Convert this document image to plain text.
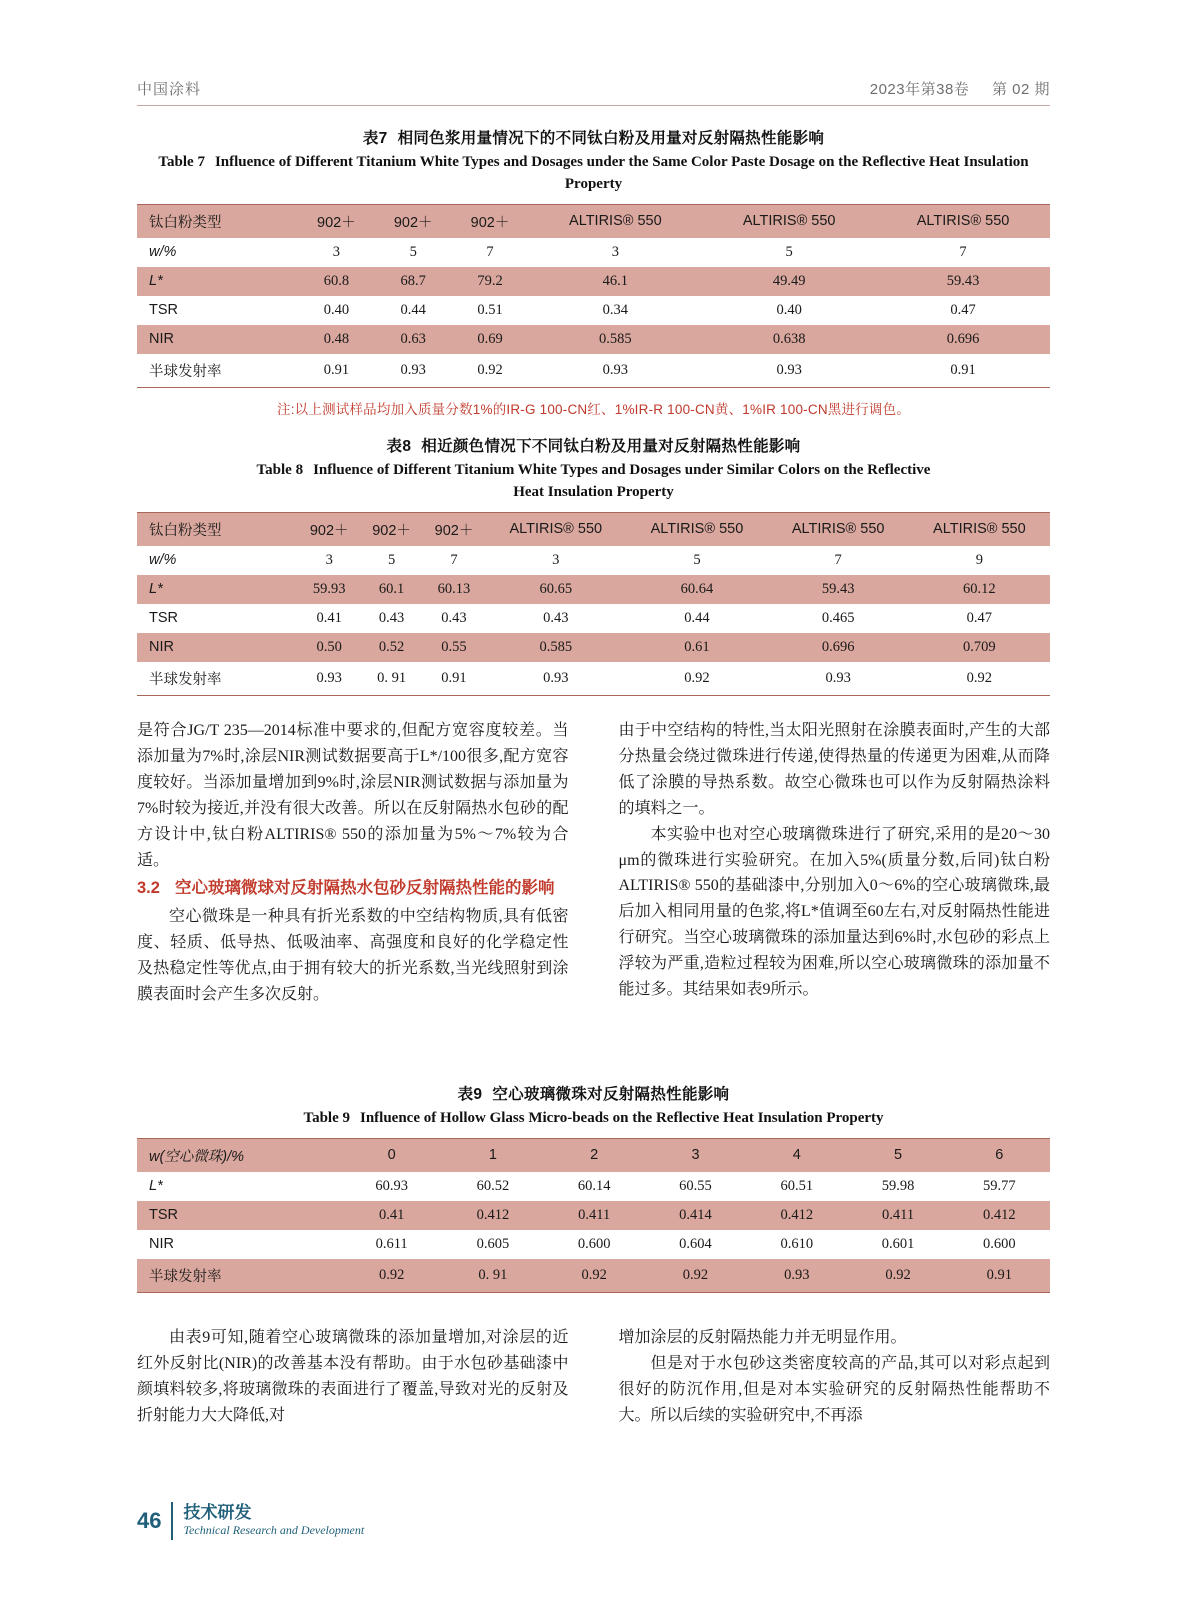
中国涂料	2023年第38卷 第 02 期
表7 相同色浆用量情况下的不同钛白粉及用量对反射隔热性能影响
Table 7 Influence of Different Titanium White Types and Dosages under the Same Color Paste Dosage on the Reflective Heat Insulation Property
钛白粉类型	902＋	902＋	902＋	ALTIRIS® 550	ALTIRIS® 550	ALTIRIS® 550
w/%	3	5	7	3	5	7
L*	60.8	68.7	79.2	46.1	49.49	59.43
TSR	0.40	0.44	0.51	0.34	0.40	0.47
NIR	0.48	0.63	0.69	0.585	0.638	0.696
半球发射率	0.91	0.93	0.92	0.93	0.93	0.91
注:以上测试样品均加入质量分数1%的IR-G 100-CN红、1%IR-R 100-CN黄、1%IR 100-CN黑进行调色。
表8 相近颜色情况下不同钛白粉及用量对反射隔热性能影响
Table 8 Influence of Different Titanium White Types and Dosages under Similar Colors on the Reflective Heat Insulation Property
钛白粉类型	902＋	902＋	902＋	ALTIRIS® 550	ALTIRIS® 550	ALTIRIS® 550	ALTIRIS® 550
w/%	3	5	7	3	5	7	9
L*	59.93	60.1	60.13	60.65	60.64	59.43	60.12
TSR	0.41	0.43	0.43	0.43	0.44	0.465	0.47
NIR	0.50	0.52	0.55	0.585	0.61	0.696	0.709
半球发射率	0.93	0. 91	0.91	0.93	0.92	0.93	0.92

是符合JG/T 235—2014标准中要求的,但配方宽容度较差。当添加量为7%时,涂层NIR测试数据要高于L*/100很多,配方宽容度较好。当添加量增加到9%时,涂层NIR测试数据与添加量为7%时较为接近,并没有很大改善。所以在反射隔热水包砂的配方设计中,钛白粉ALTIRIS® 550的添加量为5%～7%较为合适。

3.2 空心玻璃微球对反射隔热水包砂反射隔热性能的影响

空心微珠是一种具有折光系数的中空结构物质,具有低密度、轻质、低导热、低吸油率、高强度和良好的化学稳定性及热稳定性等优点,由于拥有较大的折光系数,当光线照射到涂膜表面时会产生多次反射。

由于中空结构的特性,当太阳光照射在涂膜表面时,产生的大部分热量会绕过微珠进行传递,使得热量的传递更为困难,从而降低了涂膜的导热系数。故空心微珠也可以作为反射隔热涂料的填料之一。

本实验中也对空心玻璃微珠进行了研究,采用的是20～30 μm的微珠进行实验研究。在加入5%(质量分数,后同)钛白粉ALTIRIS® 550的基础漆中,分别加入0～6%的空心玻璃微珠,最后加入相同用量的色浆,将L*值调至60左右,对反射隔热性能进行研究。当空心玻璃微珠的添加量达到6%时,水包砂的彩点上浮较为严重,造粒过程较为困难,所以空心玻璃微珠的添加量不能过多。其结果如表9所示。

表9 空心玻璃微珠对反射隔热性能影响
Table 9 Influence of Hollow Glass Micro-beads on the Reflective Heat Insulation Property
w(空心微珠)/%	0	1	2	3	4	5	6
L*	60.93	60.52	60.14	60.55	60.51	59.98	59.77
TSR	0.41	0.412	0.411	0.414	0.412	0.411	0.412
NIR	0.611	0.605	0.600	0.604	0.610	0.601	0.600
半球发射率	0.92	0. 91	0.92	0.92	0.93	0.92	0.91

由表9可知,随着空心玻璃微珠的添加量增加,对涂层的近红外反射比(NIR)的改善基本没有帮助。由于水包砂基础漆中颜填料较多,将玻璃微珠的表面进行了覆盖,导致对光的反射及折射能力大大降低,对

增加涂层的反射隔热能力并无明显作用。

但是对于水包砂这类密度较高的产品,其可以对彩点起到很好的防沉作用,但是对本实验研究的反射隔热性能帮助不大。所以后续的实验研究中,不再添

46 技术研发
Technical Research and Development
